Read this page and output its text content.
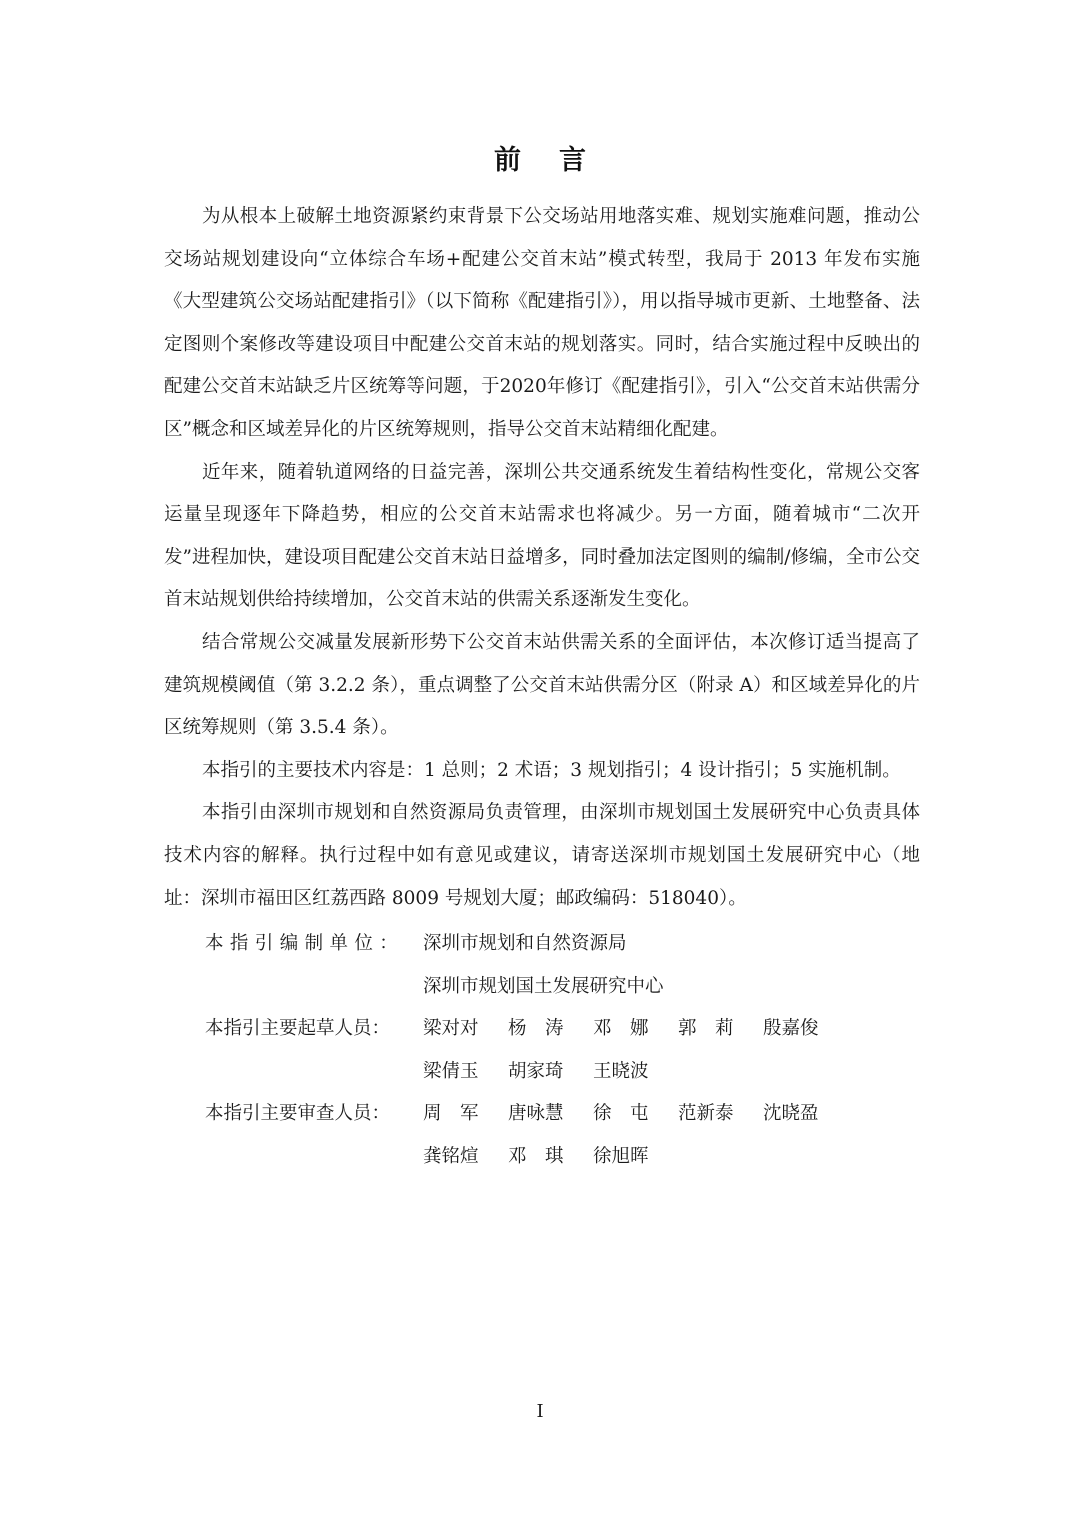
前言

为从根本上破解土地资源紧约束背景下公交场站用地落实难、规划实施难问题，推动公交场站规划建设向“立体综合车场+配建公交首末站”模式转型，我局于 2013 年发布实施《大型建筑公交场站配建指引》（以下简称《配建指引》），用以指导城市更新、土地整备、法定图则个案修改等建设项目中配建公交首末站的规划落实。同时，结合实施过程中反映出的配建公交首末站缺乏片区统筹等问题，于2020年修订《配建指引》，引入“公交首末站供需分区”概念和区域差异化的片区统筹规则，指导公交首末站精细化配建。

近年来，随着轨道网络的日益完善，深圳公共交通系统发生着结构性变化，常规公交客运量呈现逐年下降趋势，相应的公交首末站需求也将减少。另一方面，随着城市“二次开发”进程加快，建设项目配建公交首末站日益增多，同时叠加法定图则的编制/修编，全市公交首末站规划供给持续增加，公交首末站的供需关系逐渐发生变化。

结合常规公交减量发展新形势下公交首末站供需关系的全面评估，本次修订适当提高了建筑规模阈值（第 3.2.2 条），重点调整了公交首末站供需分区（附录 A）和区域差异化的片区统筹规则（第 3.5.4 条）。

本指引的主要技术内容是：1 总则；2 术语；3 规划指引；4 设计指引；5 实施机制。

本指引由深圳市规划和自然资源局负责管理，由深圳市规划国土发展研究中心负责具体技术内容的解释。执行过程中如有意见或建议，请寄送深圳市规划国土发展研究中心（地址：深圳市福田区红荔西路 8009 号规划大厦；邮政编码：518040）。

本指引编制单位：	深圳市规划和自然资源局
深圳市规划国土发展研究中心
本指引主要起草人员：	梁对对	杨涛 邓娜 郭莉 殷嘉俊
梁倩玉	胡家琦	王晓波
本指引主要审查人员：	周军 唐咏慧	徐屯 范新泰	沈晓盈
龚铭煊	邓琪 徐旭晖
I
